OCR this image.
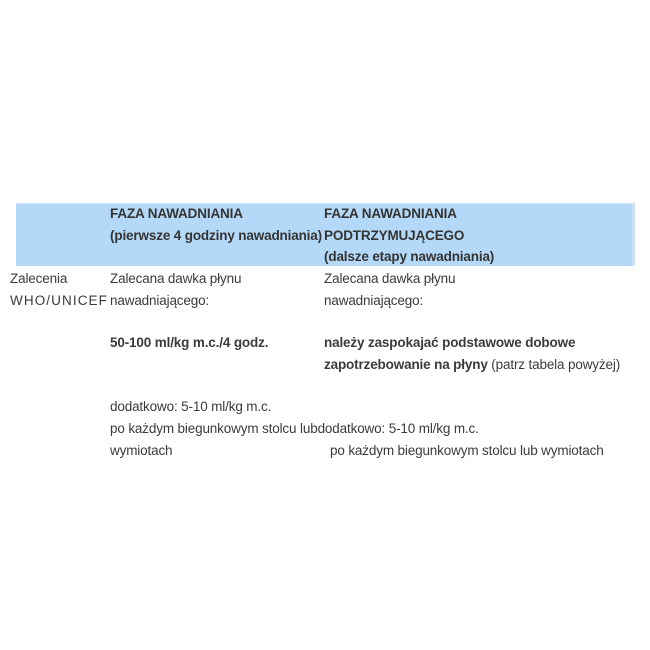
FAZA NAWADNIANIA
(pierwsze 4 godziny nawadniania)
FAZA NAWADNIANIA
PODTRZYMUJĄCEGO
(dalsze etapy nawadniania)
Zalecenia
WHO/UNICEF
Zalecana dawka płynu
nawadniającego:
50-100 ml/kg m.c./4 godz.
dodatkowo: 5-10 ml/kg m.c.
po każdym biegunkowym stolcu lubdodatkowo: 5-10 ml/kg m.c.
wymiotach
Zalecana dawka płynu
nawadniającego:
należy zaspokajać podstawowe dobowe
zapotrzebowanie na płyny (patrz tabela powyżej)
po każdym biegunkowym stolcu lub wymiotach
